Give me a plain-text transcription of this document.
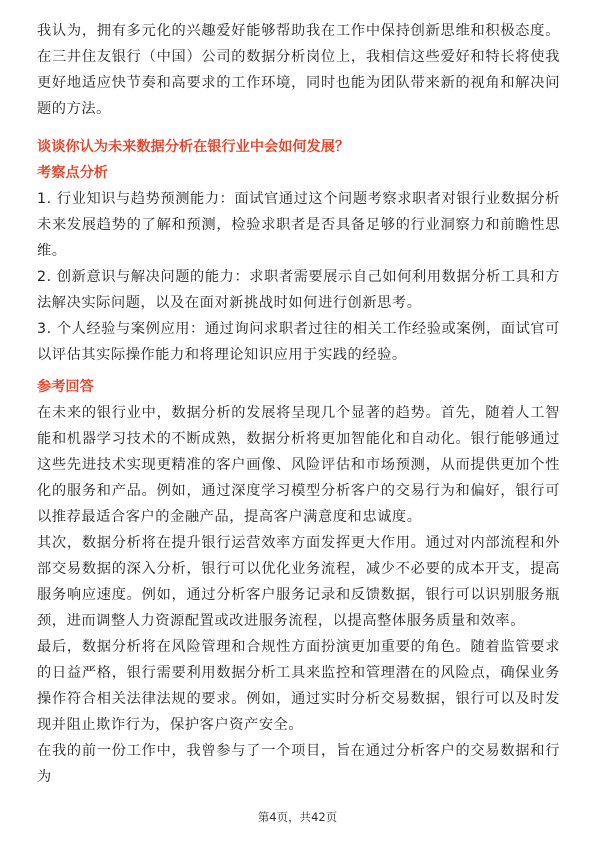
我认为，拥有多元化的兴趣爱好能够帮助我在工作中保持创新思维和积极态度。在三井住友银行（中国）公司的数据分析岗位上，我相信这些爱好和特长将使我更好地适应快节奏和高要求的工作环境，同时也能为团队带来新的视角和解决问题的方法。

谈谈你认为未来数据分析在银行业中会如何发展？

考察点分析

1. 行业知识与趋势预测能力：面试官通过这个问题考察求职者对银行业数据分析未来发展趋势的了解和预测，检验求职者是否具备足够的行业洞察力和前瞻性思维。

2. 创新意识与解决问题的能力：求职者需要展示自己如何利用数据分析工具和方法解决实际问题，以及在面对新挑战时如何进行创新思考。

3. 个人经验与案例应用：通过询问求职者过往的相关工作经验或案例，面试官可以评估其实际操作能力和将理论知识应用于实践的经验。

参考回答

在未来的银行业中，数据分析的发展将呈现几个显著的趋势。首先，随着人工智能和机器学习技术的不断成熟，数据分析将更加智能化和自动化。银行能够通过这些先进技术实现更精准的客户画像、风险评估和市场预测，从而提供更加个性化的服务和产品。例如，通过深度学习模型分析客户的交易行为和偏好，银行可以推荐最适合客户的金融产品，提高客户满意度和忠诚度。

其次，数据分析将在提升银行运营效率方面发挥更大作用。通过对内部流程和外部交易数据的深入分析，银行可以优化业务流程，减少不必要的成本开支，提高服务响应速度。例如，通过分析客户服务记录和反馈数据，银行可以识别服务瓶颈，进而调整人力资源配置或改进服务流程，以提高整体服务质量和效率。

最后，数据分析将在风险管理和合规性方面扮演更加重要的角色。随着监管要求的日益严格，银行需要利用数据分析工具来监控和管理潜在的风险点，确保业务操作符合相关法律法规的要求。例如，通过实时分析交易数据，银行可以及时发现并阻止欺诈行为，保护客户资产安全。

在我的前一份工作中，我曾参与了一个项目，旨在通过分析客户的交易数据和行为

第4页，共42页
